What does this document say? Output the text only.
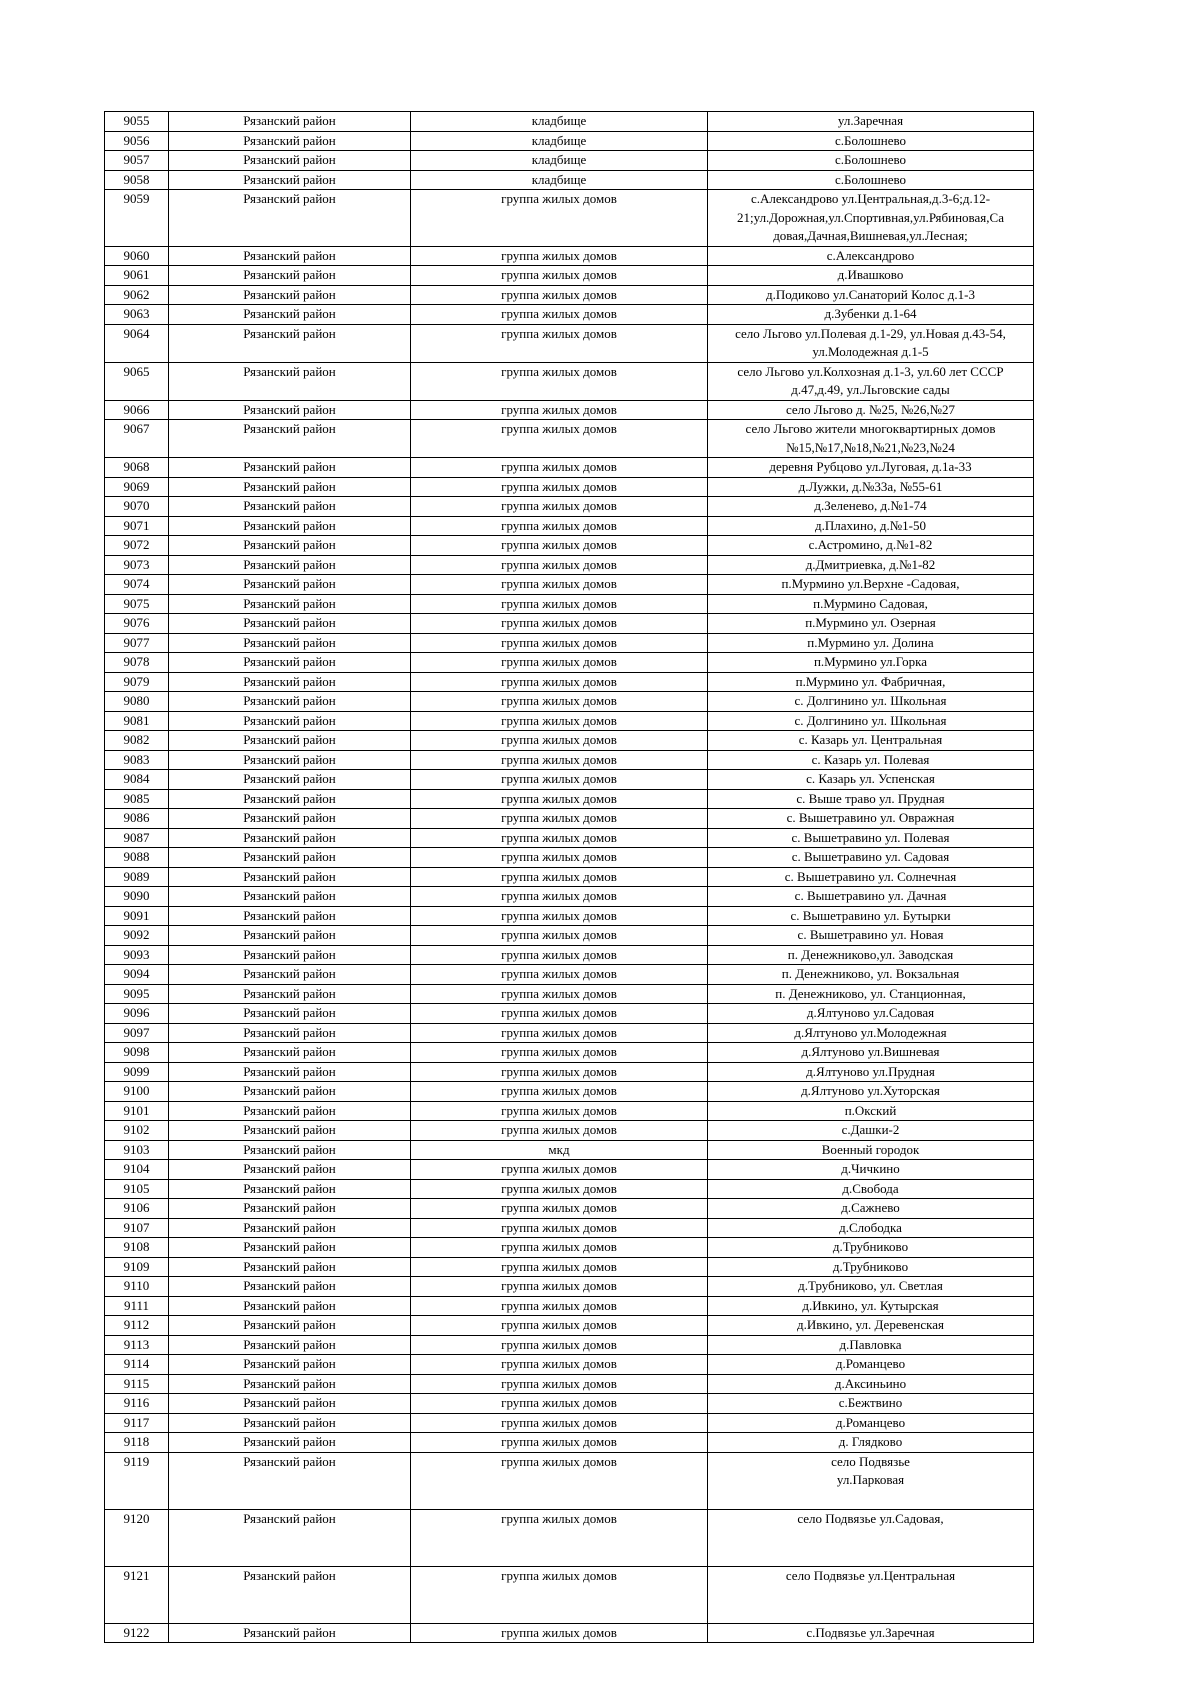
9055	Рязанский район	кладбище	ул.Заречная

9056	Рязанский район	кладбище	с.Болошнево

9057	Рязанский район	кладбище	с.Болошнево

9058	Рязанский район	кладбище	с.Болошнево

9059	Рязанский район	группа жилых домов	с.Александрово ул.Центральная,д.3-6;д.12-
21;ул.Дорожная,ул.Спортивная,ул.Рябиновая,Са
довая,Дачная,Вишневая,ул.Лесная;

9060	Рязанский район	группа жилых домов	с.Александрово

9061	Рязанский район	группа жилых домов	д.Ивашково

9062	Рязанский район	группа жилых домов	д.Подиково ул.Санаторий Колос д.1-3

9063	Рязанский район	группа жилых домов	д.Зубенки д.1-64

9064	Рязанский район	группа жилых домов	село Льгово ул.Полевая д.1-29, ул.Новая д.43-54,
ул.Молодежная д.1-5

9065	Рязанский район	группа жилых домов	село Льгово ул.Колхозная д.1-3, ул.60 лет СССР
д.47,д.49, ул.Льговские сады

9066	Рязанский район	группа жилых домов	село Льгово д. №25, №26,№27

9067	Рязанский район	группа жилых домов	село Льгово жители многоквартирных домов
№15,№17,№18,№21,№23,№24

9068	Рязанский район	группа жилых домов	деревня Рубцово ул.Луговая, д.1а-33

9069	Рязанский район	группа жилых домов	д.Лужки, д.№33а, №55-61

9070	Рязанский район	группа жилых домов	д.Зеленево, д.№1-74

9071	Рязанский район	группа жилых домов	д.Плахино, д.№1-50

9072	Рязанский район	группа жилых домов	с.Астромино, д.№1-82

9073	Рязанский район	группа жилых домов	д.Дмитриевка, д.№1-82

9074	Рязанский район	группа жилых домов	п.Мурмино ул.Верхне -Садовая,

9075	Рязанский район	группа жилых домов	п.Мурмино Садовая,

9076	Рязанский район	группа жилых домов	п.Мурмино ул. Озерная

9077	Рязанский район	группа жилых домов	п.Мурмино ул. Долина

9078	Рязанский район	группа жилых домов	п.Мурмино ул.Горка

9079	Рязанский район	группа жилых домов	п.Мурмино ул. Фабричная,

9080	Рязанский район	группа жилых домов	с. Долгинино ул. Школьная

9081	Рязанский район	группа жилых домов	с. Долгинино ул. Школьная

9082	Рязанский район	группа жилых домов	с. Казарь ул. Центральная

9083	Рязанский район	группа жилых домов	с. Казарь ул. Полевая

9084	Рязанский район	группа жилых домов	с. Казарь ул. Успенская

9085	Рязанский район	группа жилых домов	с. Выше траво ул. Прудная

9086	Рязанский район	группа жилых домов	с. Вышетравино ул. Овражная

9087	Рязанский район	группа жилых домов	с. Вышетравино ул. Полевая

9088	Рязанский район	группа жилых домов	с. Вышетравино ул. Садовая

9089	Рязанский район	группа жилых домов	с. Вышетравино ул. Солнечная

9090	Рязанский район	группа жилых домов	с. Вышетравино ул. Дачная

9091	Рязанский район	группа жилых домов	с. Вышетравино ул. Бутырки

9092	Рязанский район	группа жилых домов	с. Вышетравино ул. Новая

9093	Рязанский район	группа жилых домов	п. Денежниково,ул. Заводская

9094	Рязанский район	группа жилых домов	п. Денежниково, ул. Вокзальная

9095	Рязанский район	группа жилых домов	п. Денежниково, ул. Станционная,

9096	Рязанский район	группа жилых домов	д.Ялтуново ул.Садовая

9097	Рязанский район	группа жилых домов	д.Ялтуново ул.Молодежная

9098	Рязанский район	группа жилых домов	д.Ялтуново ул.Вишневая

9099	Рязанский район	группа жилых домов	д.Ялтуново ул.Прудная

9100	Рязанский район	группа жилых домов	д.Ялтуново ул.Хуторская

9101	Рязанский район	группа жилых домов	п.Окский

9102	Рязанский район	группа жилых домов	с.Дашки-2

9103	Рязанский район	мкд	Военный городок

9104	Рязанский район	группа жилых домов	д.Чичкино

9105	Рязанский район	группа жилых домов	д.Свобода

9106	Рязанский район	группа жилых домов	д.Сажнево

9107	Рязанский район	группа жилых домов	д.Слободка

9108	Рязанский район	группа жилых домов	д.Трубниково

9109	Рязанский район	группа жилых домов	д.Трубниково

9110	Рязанский район	группа жилых домов	д.Трубниково, ул. Светлая

9111	Рязанский район	группа жилых домов	д.Ивкино, ул. Кутырская

9112	Рязанский район	группа жилых домов	д.Ивкино, ул. Деревенская

9113	Рязанский район	группа жилых домов	д.Павловка

9114	Рязанский район	группа жилых домов	д.Романцево

9115	Рязанский район	группа жилых домов	д.Аксиньино

9116	Рязанский район	группа жилых домов	с.Бежтвино

9117	Рязанский район	группа жилых домов	д.Романцево

9118	Рязанский район	группа жилых домов	д. Глядково

9119	Рязанский район	группа жилых домов	село Подвязье
ул.Парковая

9120	Рязанский район	группа жилых домов	село Подвязье ул.Садовая,

9121	Рязанский район	группа жилых домов	село Подвязье ул.Центральная

9122	Рязанский район	группа жилых домов	с.Подвязье ул.Заречная
